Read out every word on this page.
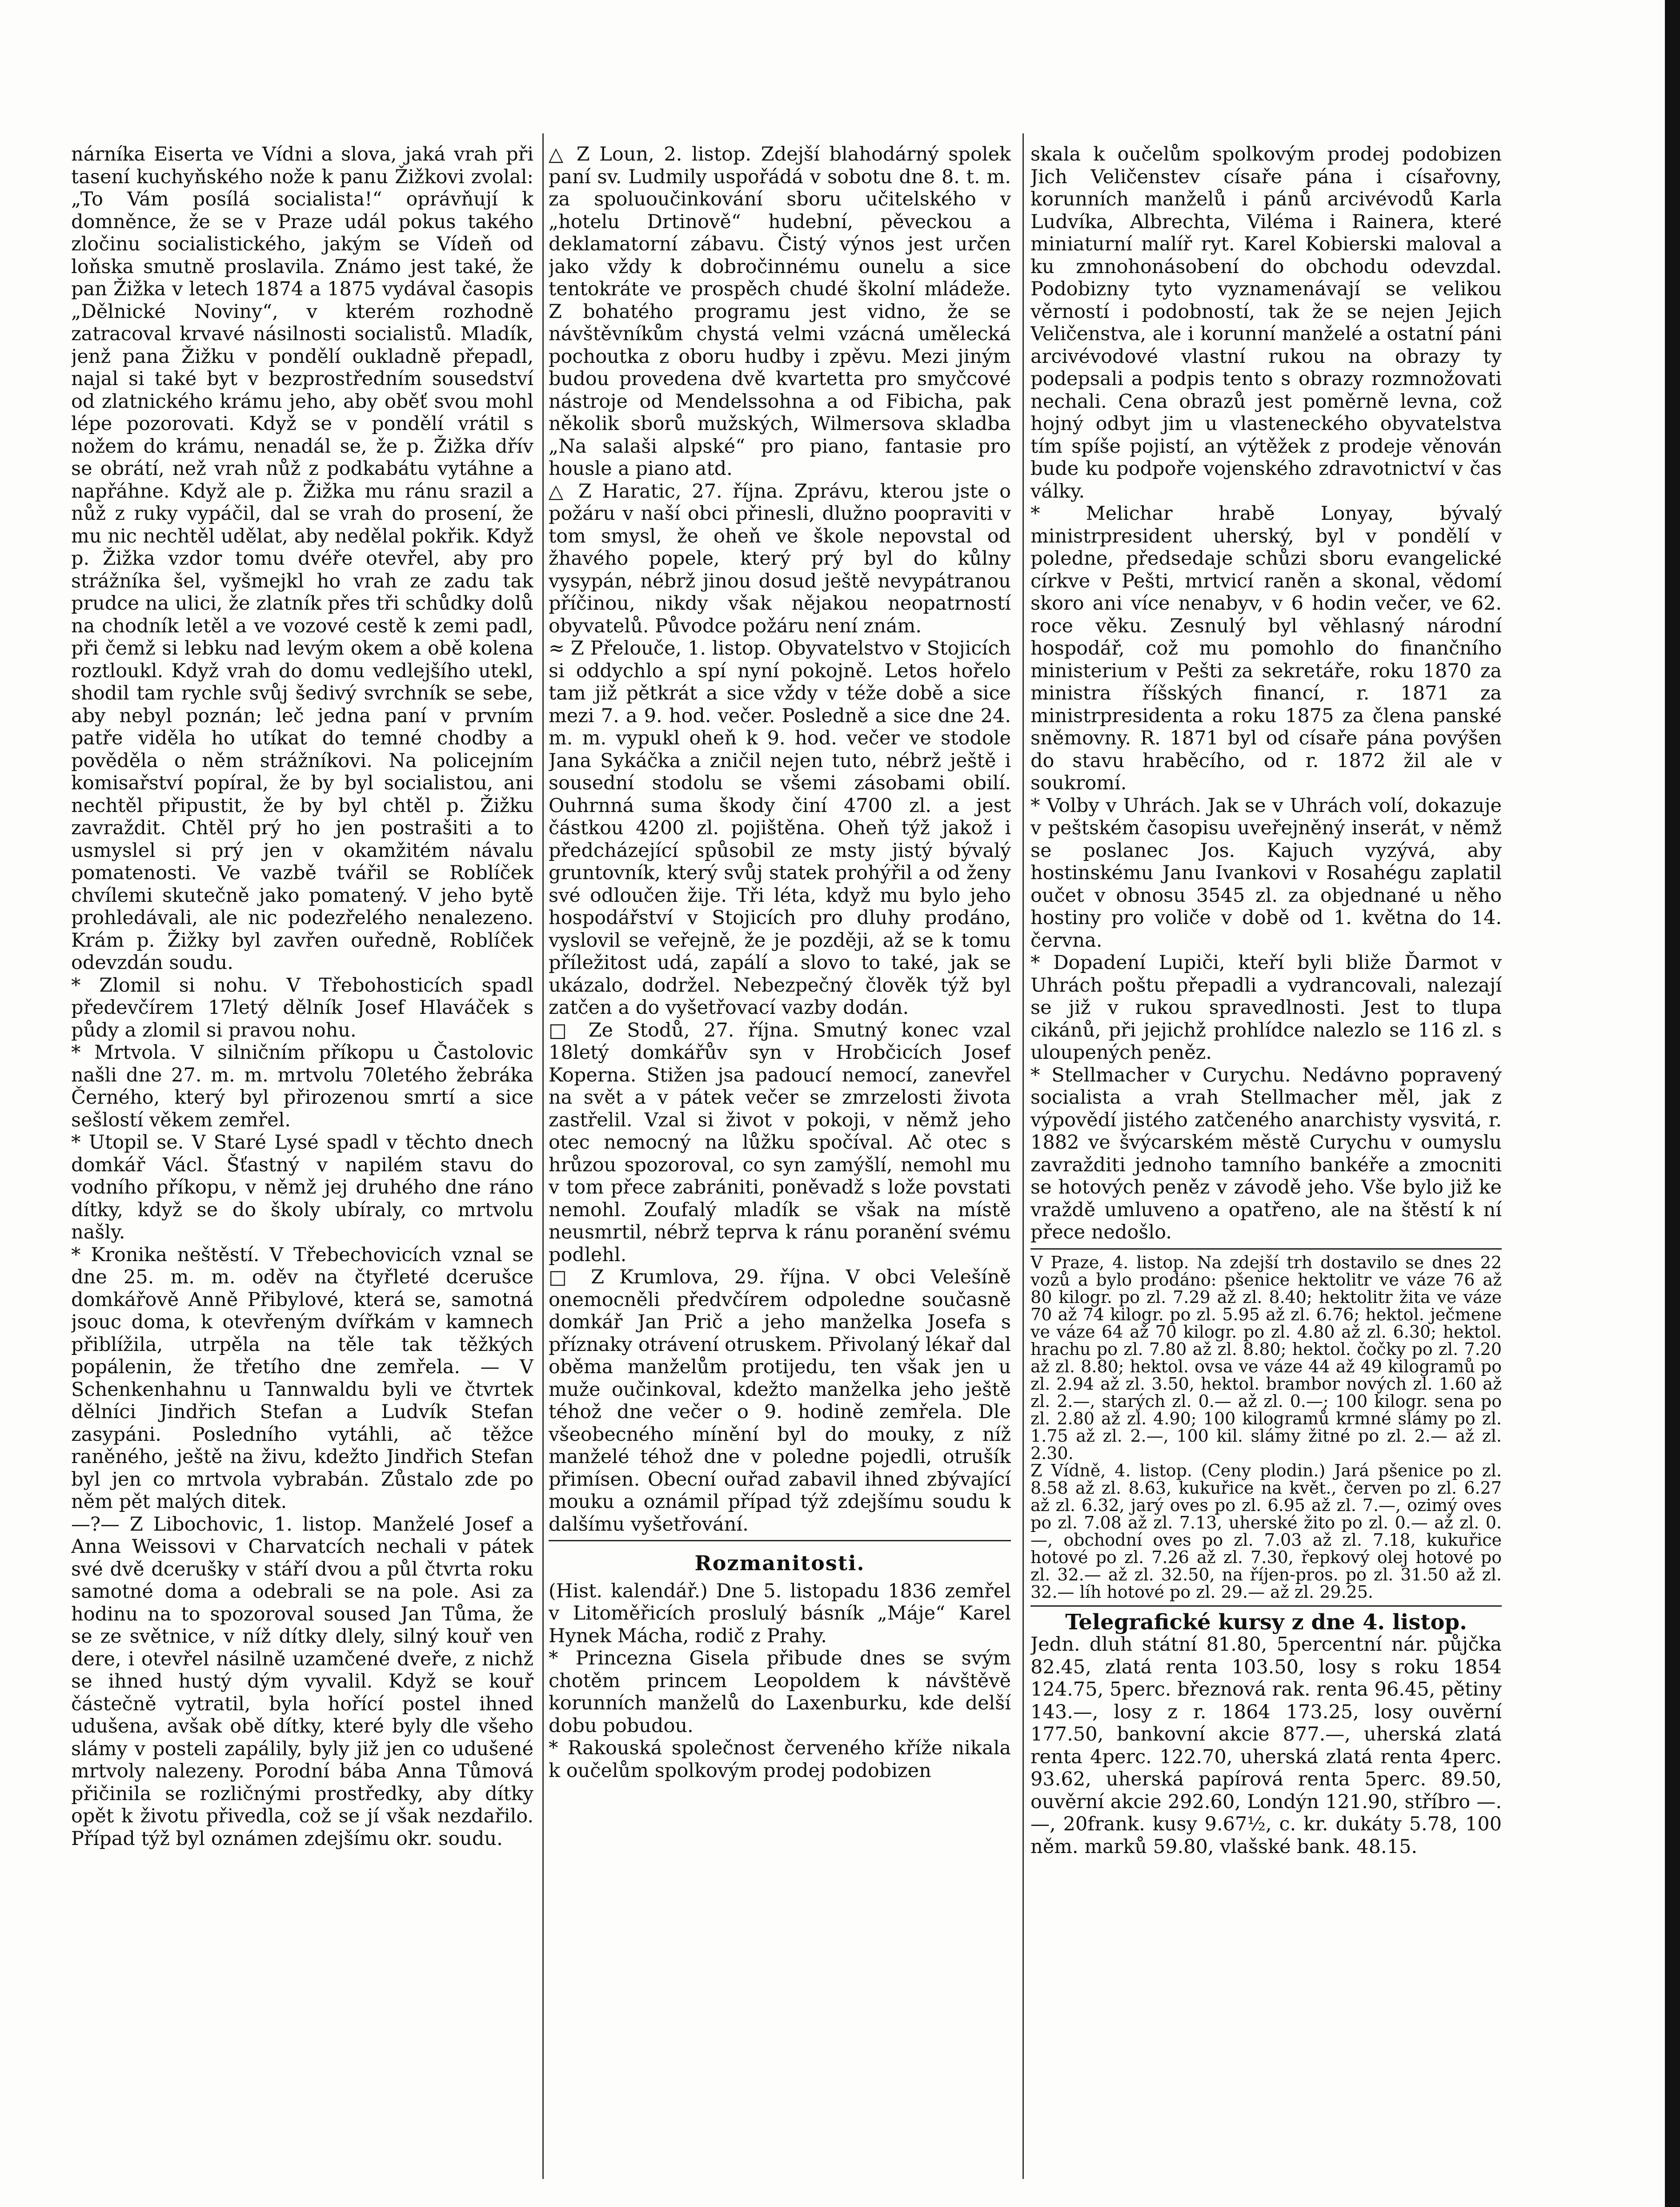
nárníka Eiserta ve Vídni a slova, jaká vrah při tasení kuchyňského nože k panu Žižkovi zvolal: „To Vám posílá socialista!“ oprávňují k domněnce, že se v Praze udál pokus takého zločinu socialistického, jakým se Vídeň od loňska smutně proslavila. Známo jest také, že pan Žižka v letech 1874 a 1875 vydával časopis „Dělnické Noviny“, v kterém rozhodně zatracoval krvavé násilnosti socialistů. Mladík, jenž pana Žižku v pondělí oukladně přepadl, najal si také byt v bezprostředním sousedství od zlatnického krámu jeho, aby oběť svou mohl lépe pozorovati. Když se v pondělí vrátil s nožem do krámu, nenadál se, že p. Žižka dřív se obrátí, než vrah nůž z podkabátu vytáhne a napřáhne. Když ale p. Žižka mu ránu srazil a nůž z ruky vypáčil, dal se vrah do prosení, že mu nic nechtěl udělat, aby nedělal pokřik. Když p. Žižka vzdor tomu dvéře otevřel, aby pro strážníka šel, vyšmejkl ho vrah ze zadu tak prudce na ulici, že zlatník přes tři schůdky dolů na chodník letěl a ve vozové cestě k zemi padl, při čemž si lebku nad levým okem a obě kolena roztloukl. Když vrah do domu vedlejšího utekl, shodil tam rychle svůj šedivý svrchník se sebe, aby nebyl poznán; leč jedna paní v prvním patře viděla ho utíkat do temné chodby a pověděla o něm strážníkovi. Na policejním komisařství popíral, že by byl socialistou, ani nechtěl připustit, že by byl chtěl p. Žižku zavraždit. Chtěl prý ho jen postrašiti a to usmyslel si prý jen v okamžitém návalu pomatenosti. Ve vazbě tvářil se Roblíček chvílemi skutečně jako pomatený. V jeho bytě prohledávali, ale nic podezřelého nenalezeno. Krám p. Žižky byl zavřen ouředně, Roblíček odevzdán soudu.

* Zlomil si nohu. V Třebohosticích spadl předevčírem 17letý dělník Josef Hlaváček s půdy a zlomil si pravou nohu.

* Mrtvola. V silničním příkopu u Častolovic našli dne 27. m. m. mrtvolu 70letého žebráka Černého, který byl přirozenou smrtí a sice sešlostí věkem zemřel.

* Utopil se. V Staré Lysé spadl v těchto dnech domkář Václ. Šťastný v napilém stavu do vodního příkopu, v němž jej druhého dne ráno dítky, když se do školy ubíraly, co mrtvolu našly.

* Kronika neštěstí. V Třebechovicích vznal se dne 25. m. m. oděv na čtyřleté dcerušce domkářově Anně Přibylové, která se, samotná jsouc doma, k otevřeným dvířkám v kamnech přiblížila, utrpěla na těle tak těžkých popálenin, že třetího dne zemřela. — V Schenkenhahnu u Tannwaldu byli ve čtvrtek dělníci Jindřich Stefan a Ludvík Stefan zasypáni. Posledního vytáhli, ač těžce raněného, ještě na živu, kdežto Jindřich Stefan byl jen co mrtvola vybrabán. Zůstalo zde po něm pět malých ditek.

—?— Z Libochovic, 1. listop. Manželé Josef a Anna Weissovi v Charvatcích nechali v pátek své dvě dcerušky v stáří dvou a půl čtvrta roku samotné doma a odebrali se na pole. Asi za hodinu na to spozoroval soused Jan Tůma, že se ze světnice, v níž dítky dlely, silný kouř ven dere, i otevřel násilně uzamčené dveře, z nichž se ihned hustý dým vyvalil. Když se kouř částečně vytratil, byla hořící postel ihned udušena, avšak obě dítky, které byly dle všeho slámy v posteli zapálily, byly již jen co udušené mrtvoly nalezeny. Porodní bába Anna Tůmová přičinila se rozličnými prostředky, aby dítky opět k životu přivedla, což se jí však nezdařilo. Případ týž byl oznámen zdejšímu okr. soudu.

△ Z Loun, 2. listop. Zdejší blahodárný spolek paní sv. Ludmily uspořádá v sobotu dne 8. t. m. za spoluoučinkování sboru učitelského v „hotelu Drtinově“ hudební, pěveckou a deklamatorní zábavu. Čistý výnos jest určen jako vždy k dobročinnému ounelu a sice tentokráte ve prospěch chudé školní mládeže. Z bohatého programu jest vidno, že se návštěvníkům chystá velmi vzácná umělecká pochoutka z oboru hudby i zpěvu. Mezi jiným budou provedena dvě kvartetta pro smyčcové nástroje od Mendelssohna a od Fibicha, pak několik sborů mužských, Wilmersova skladba „Na salaši alpské“ pro piano, fantasie pro housle a piano atd.

△ Z Haratic, 27. října. Zprávu, kterou jste o požáru v naší obci přinesli, dlužno poopraviti v tom smysl, že oheň ve škole nepovstal od žhavého popele, který prý byl do kůlny vysypán, nébrž jinou dosud ještě nevypátranou příčinou, nikdy však nějakou neopatrností obyvatelů. Původce požáru není znám.

≈ Z Přelouče, 1. listop. Obyvatelstvo v Stojicích si oddychlo a spí nyní pokojně. Letos hořelo tam již pětkrát a sice vždy v téže době a sice mezi 7. a 9. hod. večer. Posledně a sice dne 24. m. m. vypukl oheň k 9. hod. večer ve stodole Jana Sykáčka a zničil nejen tuto, nébrž ještě i sousední stodolu se všemi zásobami obilí. Ouhrnná suma škody činí 4700 zl. a jest částkou 4200 zl. pojištěna. Oheň týž jakož i předcházející spůsobil ze msty jistý bývalý gruntovník, který svůj statek prohýřil a od ženy své odloučen žije. Tři léta, když mu bylo jeho hospodářství v Stojicích pro dluhy prodáno, vyslovil se veřejně, že je později, až se k tomu příležitost udá, zapálí a slovo to také, jak se ukázalo, dodržel. Nebezpečný člověk týž byl zatčen a do vyšetřovací vazby dodán.

□ Ze Stodů, 27. října. Smutný konec vzal 18letý domkářův syn v Hrobčicích Josef Koperna. Stižen jsa padoucí nemocí, zanevřel na svět a v pátek večer se zmrzelosti života zastřelil. Vzal si život v pokoji, v němž jeho otec nemocný na lůžku spočíval. Ač otec s hrůzou spozoroval, co syn zamýšlí, nemohl mu v tom přece zabrániti, poněvadž s lože povstati nemohl. Zoufalý mladík se však na místě neusmrtil, nébrž teprva k ránu poranění svému podlehl.

□ Z Krumlova, 29. října. V obci Velešíně onemocněli předvčírem odpoledne současně domkář Jan Prič a jeho manželka Josefa s příznaky otrávení otruskem. Přivolaný lékař dal oběma manželům protijedu, ten však jen u muže oučinkoval, kdežto manželka jeho ještě téhož dne večer o 9. hodině zemřela. Dle všeobecného mínění byl do mouky, z níž manželé téhož dne v poledne pojedli, otrušík přimísen. Obecní ouřad zabavil ihned zbývající mouku a oznámil případ týž zdejšímu soudu k dalšímu vyšetřování.

Rozmanitosti.

(Hist. kalendář.) Dne 5. listopadu 1836 zemřel v Litoměřicích proslulý básník „Máje“ Karel Hynek Mácha, rodič z Prahy.

* Princezna Gisela přibude dnes se svým chotěm princem Leopoldem k návštěvě korunních manželů do Laxenburku, kde delší dobu pobudou.

* Rakouská společnost červeného kříže nikala k oučelům spolkovým prodej podobizen

skala k oučelům spolkovým prodej podobizen Jich Veličenstev císaře pána i císařovny, korunních manželů i pánů arcivévodů Karla Ludvíka, Albrechta, Viléma i Rainera, které miniaturní malíř ryt. Karel Kobierski maloval a ku zmnohonásobení do obchodu odevzdal. Podobizny tyto vyznamenávají se velikou věrností i podobností, tak že se nejen Jejich Veličenstva, ale i korunní manželé a ostatní páni arcivévodové vlastní rukou na obrazy ty podepsali a podpis tento s obrazy rozmnožovati nechali. Cena obrazů jest poměrně levna, což hojný odbyt jim u vlasteneckého obyvatelstva tím spíše pojistí, an výtěžek z prodeje věnován bude ku podpoře vojenského zdravotnictví v čas války.

* Melichar hrabě Lonyay, bývalý ministrpresident uherský, byl v pondělí v poledne, předsedaje schůzi sboru evangelické církve v Pešti, mrtvicí raněn a skonal, vědomí skoro ani více nenabyv, v 6 hodin večer, ve 62. roce věku. Zesnulý byl věhlasný národní hospodář, což mu pomohlo do finančního ministerium v Pešti za sekretáře, roku 1870 za ministra říšských financí, r. 1871 za ministrpresidenta a roku 1875 za člena panské sněmovny. R. 1871 byl od císaře pána povýšen do stavu hraběcího, od r. 1872 žil ale v soukromí.

* Volby v Uhrách. Jak se v Uhrách volí, dokazuje v peštském časopisu uveřejněný inserát, v němž se poslanec Jos. Kajuch vyzývá, aby hostinskému Janu Ivankovi v Rosahégu zaplatil oučet v obnosu 3545 zl. za objednané u něho hostiny pro voliče v době od 1. května do 14. června.

* Dopadení Lupiči, kteří byli bliže Ďarmot v Uhrách poštu přepadli a vydrancovali, nalezají se již v rukou spravedlnosti. Jest to tlupa cikánů, při jejichž prohlídce nalezlo se 116 zl. s uloupených peněz.

* Stellmacher v Curychu. Nedávno popravený socialista a vrah Stellmacher měl, jak z výpovědí jistého zatčeného anarchisty vysvitá, r. 1882 ve švýcarském městě Curychu v oumyslu zavražditi jednoho tamního bankéře a zmocniti se hotových peněz v závodě jeho. Vše bylo již ke vraždě umluveno a opatřeno, ale na štěstí k ní přece nedošlo.

V Praze, 4. listop. Na zdejší trh dostavilo se dnes 22 vozů a bylo prodáno: pšenice hektolitr ve váze 76 až 80 kilogr. po zl. 7.29 až zl. 8.40; hektolitr žita ve váze 70 až 74 kilogr. po zl. 5.95 až zl. 6.76; hektol. ječmene ve váze 64 až 70 kilogr. po zl. 4.80 až zl. 6.30; hektol. hrachu po zl. 7.80 až zl. 8.80; hektol. čočky po zl. 7.20 až zl. 8.80; hektol. ovsa ve váze 44 až 49 kilogramů po zl. 2.94 až zl. 3.50, hektol. brambor nových zl. 1.60 až zl. 2.—, starých zl. 0.— až zl. 0.—; 100 kilogr. sena po zl. 2.80 až zl. 4.90; 100 kilogramů krmné slámy po zl. 1.75 až zl. 2.—, 100 kil. slámy žitné po zl. 2.— až zl. 2.30.

Z Vídně, 4. listop. (Ceny plodin.) Jará pšenice po zl. 8.58 až zl. 8.63, kukuřice na květ., červen po zl. 6.27 až zl. 6.32, jarý oves po zl. 6.95 až zl. 7.—, ozimý oves po zl. 7.08 až zl. 7.13, uherské žito po zl. 0.— až zl. 0.—, obchodní oves po zl. 7.03 až zl. 7.18, kukuřice hotové po zl. 7.26 až zl. 7.30, řepkový olej hotové po zl. 32.— až zl. 32.50, na říjen-pros. po zl. 31.50 až zl. 32.— líh hotové po zl. 29.— až zl. 29.25.

Telegrafické kursy z dne 4. listop.

Jedn. dluh státní 81.80, 5percentní nár. půjčka 82.45, zlatá renta 103.50, losy s roku 1854 124.75, 5perc. březnová rak. renta 96.45, pětiny 143.—, losy z r. 1864 173.25, losy ouvěrní 177.50, bankovní akcie 877.—, uherská zlatá renta 4perc. 122.70, uherská zlatá renta 4perc. 93.62, uherská papírová renta 5perc. 89.50, ouvěrní akcie 292.60, Londýn 121.90, stříbro —.—, 20frank. kusy 9.67½, c. kr. dukáty 5.78, 100 něm. marků 59.80, vlašské bank. 48.15.
